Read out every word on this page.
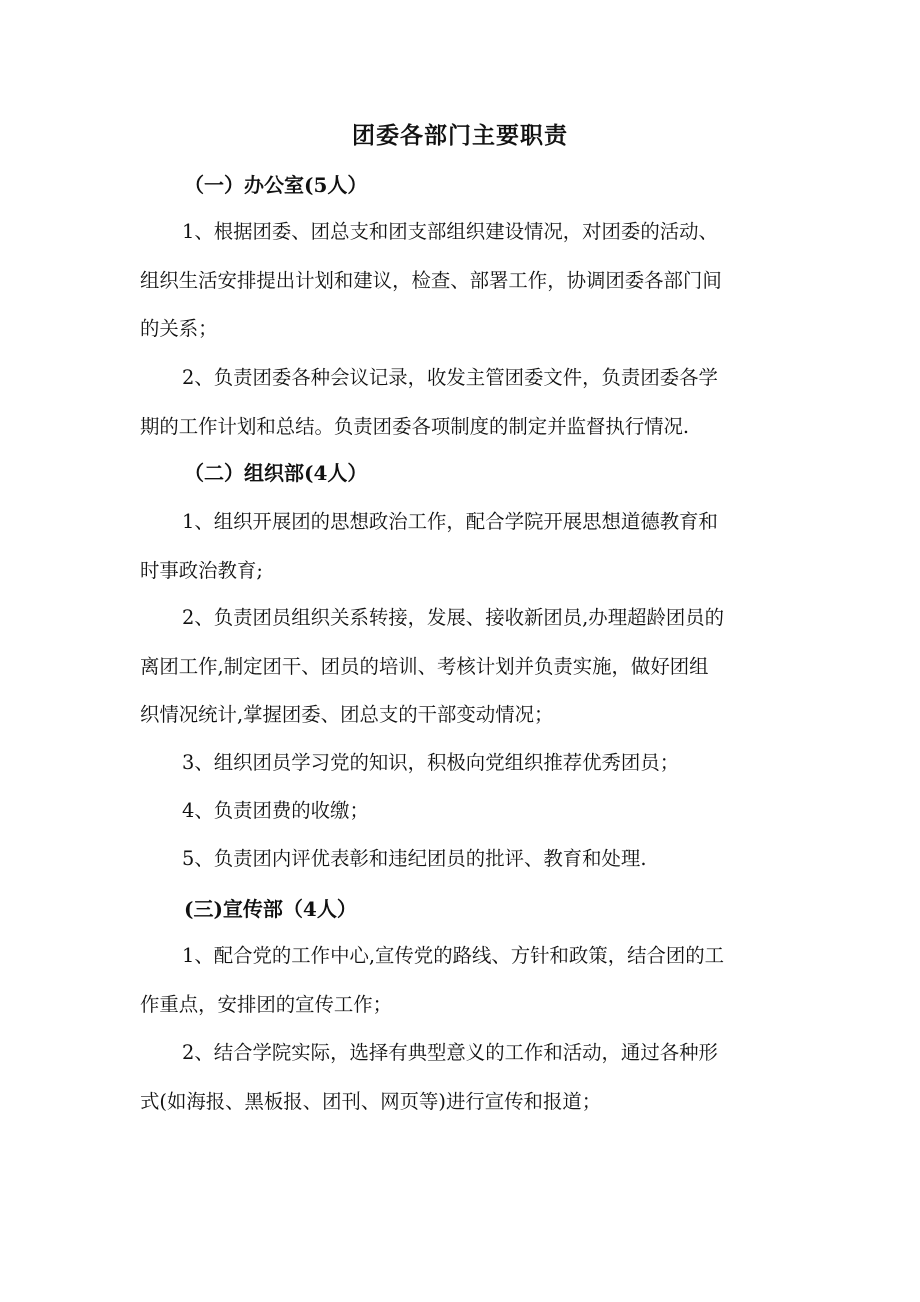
团委各部门主要职责
（一）办公室(5人）
1、根据团委、团总支和团支部组织建设情况，对团委的活动、
组织生活安排提出计划和建议，检查、部署工作，协调团委各部门间
的关系；
2、负责团委各种会议记录，收发主管团委文件，负责团委各学
期的工作计划和总结。负责团委各项制度的制定并监督执行情况.
（二）组织部(4人）
1、组织开展团的思想政治工作，配合学院开展思想道德教育和
时事政治教育;
2、负责团员组织关系转接，发展、接收新团员,办理超龄团员的
离团工作,制定团干、团员的培训、考核计划并负责实施，做好团组
织情况统计,掌握团委、团总支的干部变动情况；
3、组织团员学习党的知识，积极向党组织推荐优秀团员；
4、负责团费的收缴；
5、负责团内评优表彰和违纪团员的批评、教育和处理.
(三)宣传部（4人）
1、配合党的工作中心,宣传党的路线、方针和政策，结合团的工
作重点，安排团的宣传工作；
2、结合学院实际，选择有典型意义的工作和活动，通过各种形
式(如海报、黑板报、团刊、网页等)进行宣传和报道；
